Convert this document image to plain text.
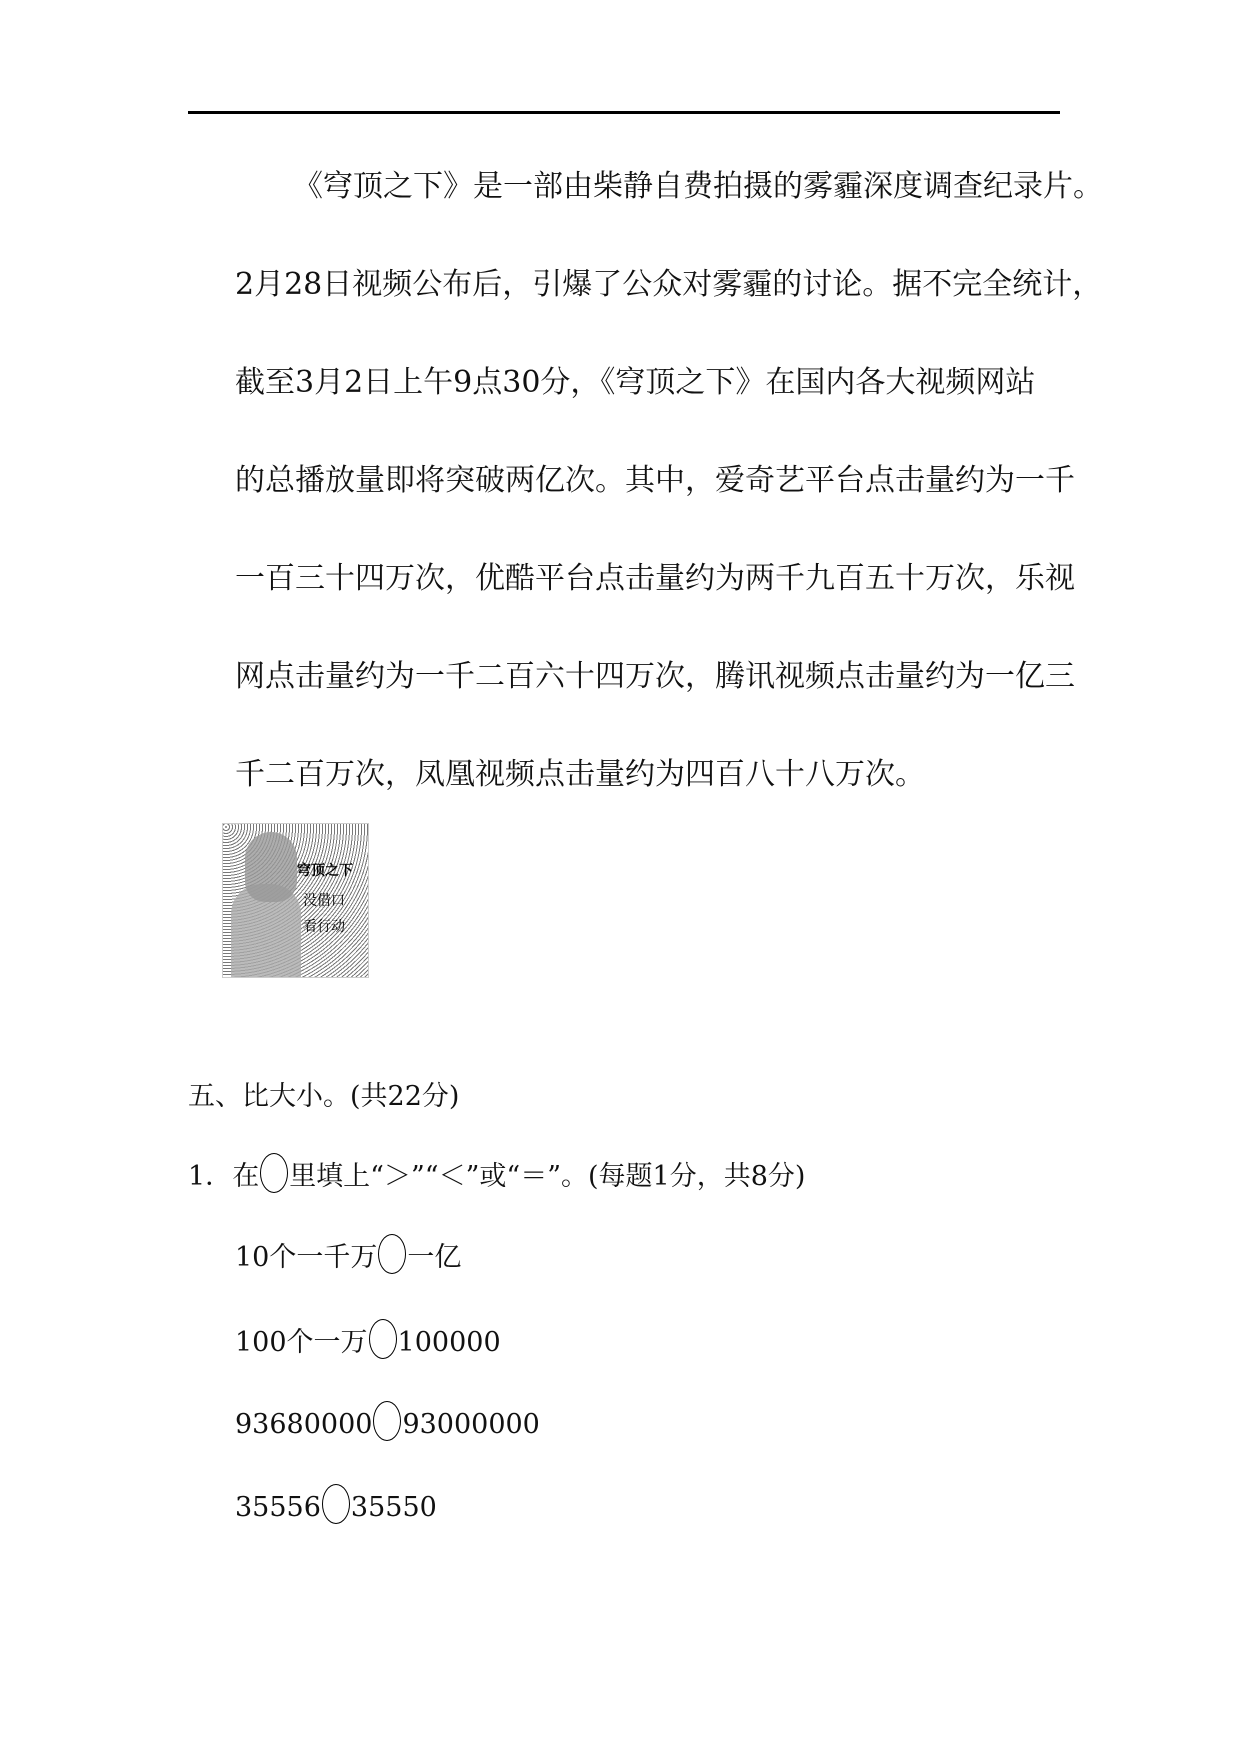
《穹顶之下》是一部由柴静自费拍摄的雾霾深度调查纪录片。
2月28日视频公布后，引爆了公众对雾霾的讨论。据不完全统计，
截至3月2日上午9点30分，《穹顶之下》在国内各大视频网站
的总播放量即将突破两亿次。其中，爱奇艺平台点击量约为一千
一百三十四万次，优酷平台点击量约为两千九百五十万次，乐视
网点击量约为一千二百六十四万次，腾讯视频点击量约为一亿三
千二百万次，凤凰视频点击量约为四百八十八万次。
穹顶之下
没借口
看行动
五、比大小。(共22分)
1．在 里填上“＞”“＜”或“＝”。(每题1分，共8分)
10个一千万 一亿
100个一万 100000
93680000 93000000
35556 35550
